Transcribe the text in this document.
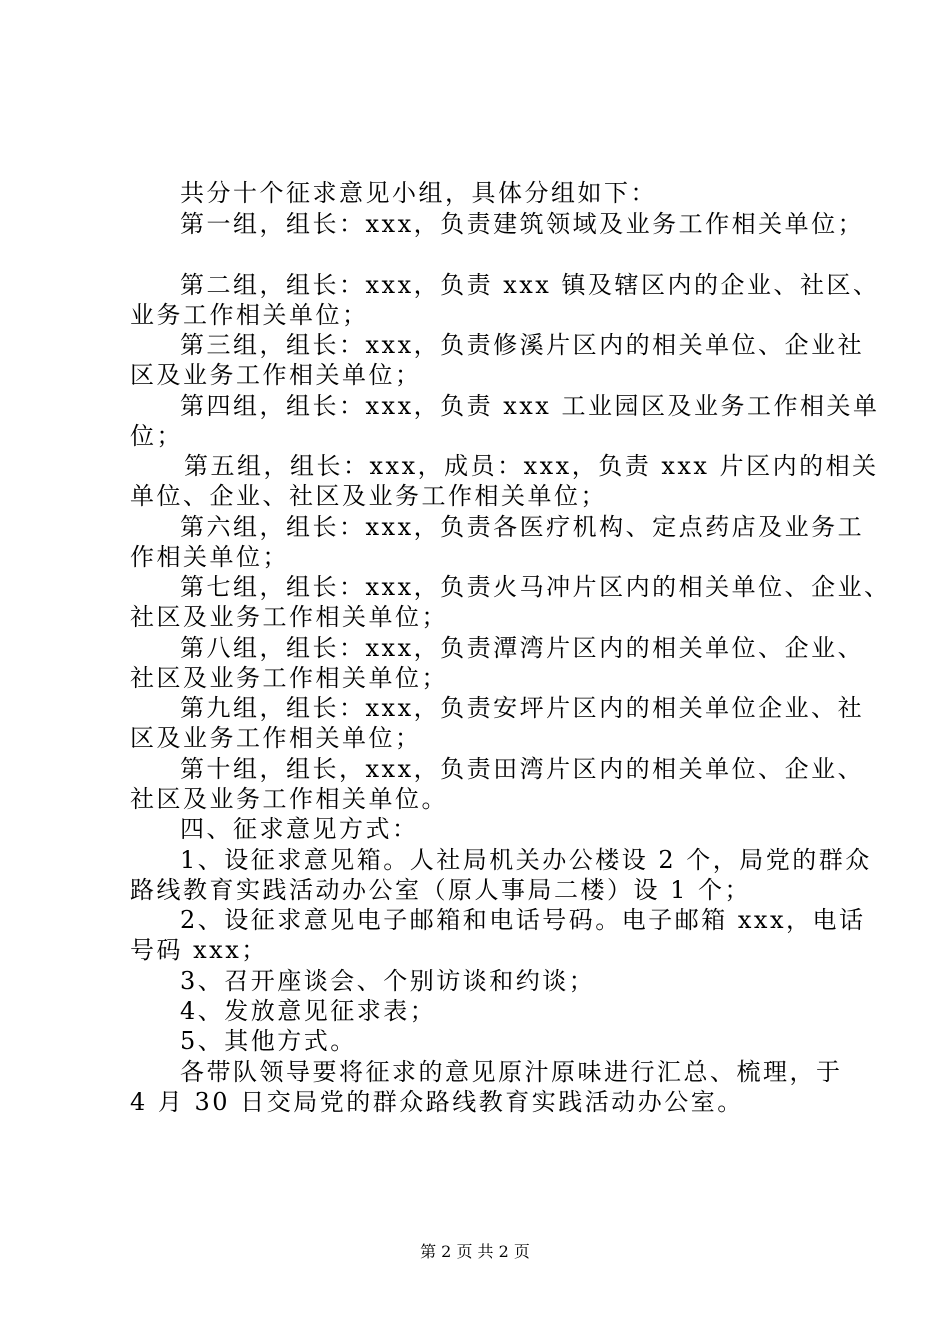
共分十个征求意见小组，具体分组如下：
第一组，组长：xxx，负责建筑领域及业务工作相关单位；
第二组，组长：xxx，负责 xxx 镇及辖区内的企业、社区、
业务工作相关单位；
第三组，组长：xxx，负责修溪片区内的相关单位、企业社
区及业务工作相关单位；
第四组，组长：xxx，负责 xxx 工业园区及业务工作相关单
位；
第五组，组长：xxx，成员：xxx，负责 xxx 片区内的相关
单位、企业、社区及业务工作相关单位；
第六组，组长：xxx，负责各医疗机构、定点药店及业务工
作相关单位；
第七组，组长：xxx，负责火马冲片区内的相关单位、企业、
社区及业务工作相关单位；
第八组，组长：xxx，负责潭湾片区内的相关单位、企业、
社区及业务工作相关单位；
第九组，组长：xxx，负责安坪片区内的相关单位企业、社
区及业务工作相关单位；
第十组，组长，xxx，负责田湾片区内的相关单位、企业、
社区及业务工作相关单位。
四、征求意见方式：
1、设征求意见箱。人社局机关办公楼设 2 个，局党的群众
路线教育实践活动办公室（原人事局二楼）设 1 个；
2、设征求意见电子邮箱和电话号码。电子邮箱 xxx，电话
号码 xxx；
3、召开座谈会、个别访谈和约谈；
4、发放意见征求表；
5、其他方式。
各带队领导要将征求的意见原汁原味进行汇总、梳理，于
4 月 30 日交局党的群众路线教育实践活动办公室。
第 2 页 共 2 页
